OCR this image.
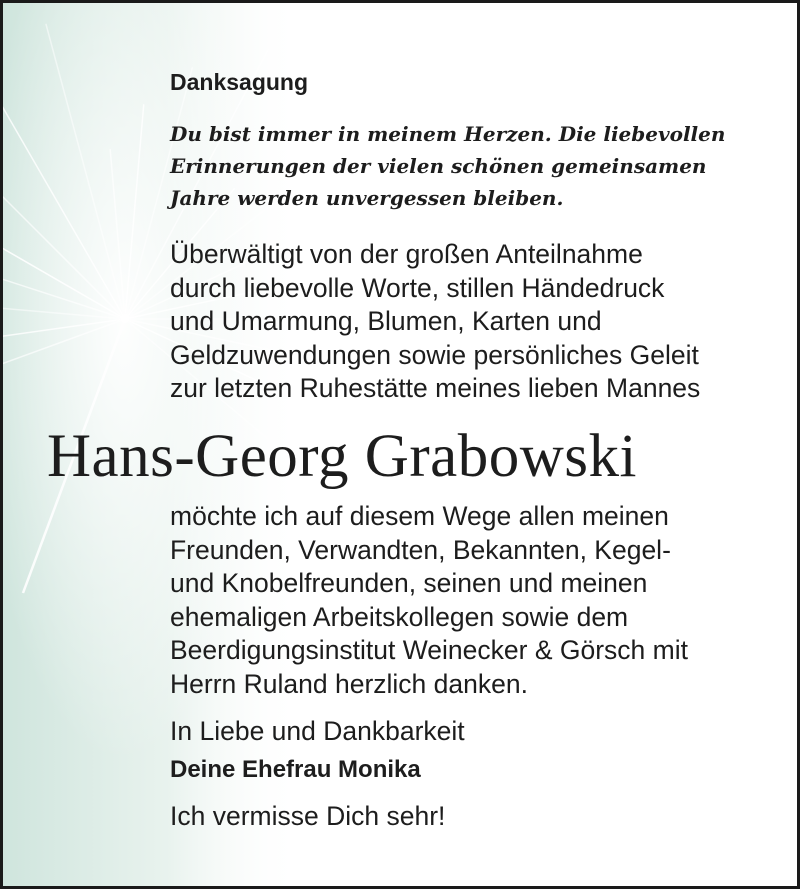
Danksagung
Du bist immer in meinem Herzen. Die liebevollen
Erinnerungen der vielen schönen gemeinsamen
Jahre werden unvergessen bleiben.
Überwältigt von der großen Anteilnahme
durch liebevolle Worte, stillen Händedruck
und Umarmung, Blumen, Karten und
Geldzuwendungen sowie persönliches Geleit
zur letzten Ruhestätte meines lieben Mannes
Hans-Georg Grabowski
möchte ich auf diesem Wege allen meinen
Freunden, Verwandten, Bekannten, Kegel-
und Knobelfreunden, seinen und meinen
ehemaligen Arbeitskollegen sowie dem
Beerdigungsinstitut Weinecker & Görsch mit
Herrn Ruland herzlich danken.
In Liebe und Dankbarkeit
Deine Ehefrau Monika
Ich vermisse Dich sehr!
